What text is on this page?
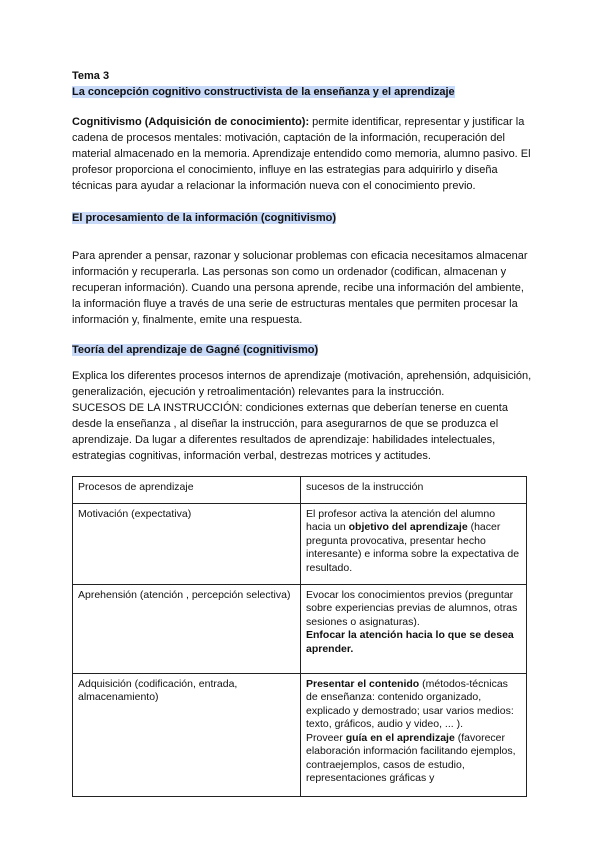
Tema 3

La concepción cognitivo constructivista de la enseñanza y el aprendizaje

Cognitivismo (Adquisición de conocimiento): permite identificar, representar y justificar la cadena de procesos mentales: motivación, captación de la información, recuperación del material almacenado en la memoria. Aprendizaje entendido como memoria, alumno pasivo. El profesor proporciona el conocimiento, influye en las estrategias para adquirirlo y diseña técnicas para ayudar a relacionar la información nueva con el conocimiento previo.

El procesamiento de la información (cognitivismo)

Para aprender a pensar, razonar y solucionar problemas con eficacia necesitamos almacenar información y recuperarla. Las personas son como un ordenador (codifican, almacenan y recuperan información). Cuando una persona aprende, recibe una información del ambiente, la información fluye a través de una serie de estructuras mentales que permiten procesar la información y, finalmente, emite una respuesta.

Teoría del aprendizaje de Gagné (cognitivismo)

Explica los diferentes procesos internos de aprendizaje (motivación, aprehensión, adquisición, generalización, ejecución y retroalimentación) relevantes para la instrucción.

SUCESOS DE LA INSTRUCCIÓN: condiciones externas que deberían tenerse en cuenta desde la enseñanza , al diseñar la instrucción, para asegurarnos de que se produzca el aprendizaje. Da lugar a diferentes resultados de aprendizaje: habilidades intelectuales, estrategias cognitivas, información verbal, destrezas motrices y actitudes.

Procesos de aprendizaje	sucesos de la instrucción
Motivación (expectativa)	El profesor activa la atención del alumno hacia un objetivo del aprendizaje (hacer pregunta provocativa, presentar hecho interesante) e informa sobre la expectativa de resultado.
Aprehensión (atención , percepción selectiva)	Evocar los conocimientos previos (preguntar sobre experiencias previas de alumnos, otras sesiones o asignaturas).
Enfocar la atención hacia lo que se desea aprender.
Adquisición (codificación, entrada, almacenamiento)	Presentar el contenido (métodos-técnicas de enseñanza: contenido organizado, explicado y demostrado; usar varios medios: texto, gráficos, audio y video, ... ).
Proveer guía en el aprendizaje (favorecer elaboración información facilitando ejemplos, contraejemplos, casos de estudio, representaciones gráficas y
